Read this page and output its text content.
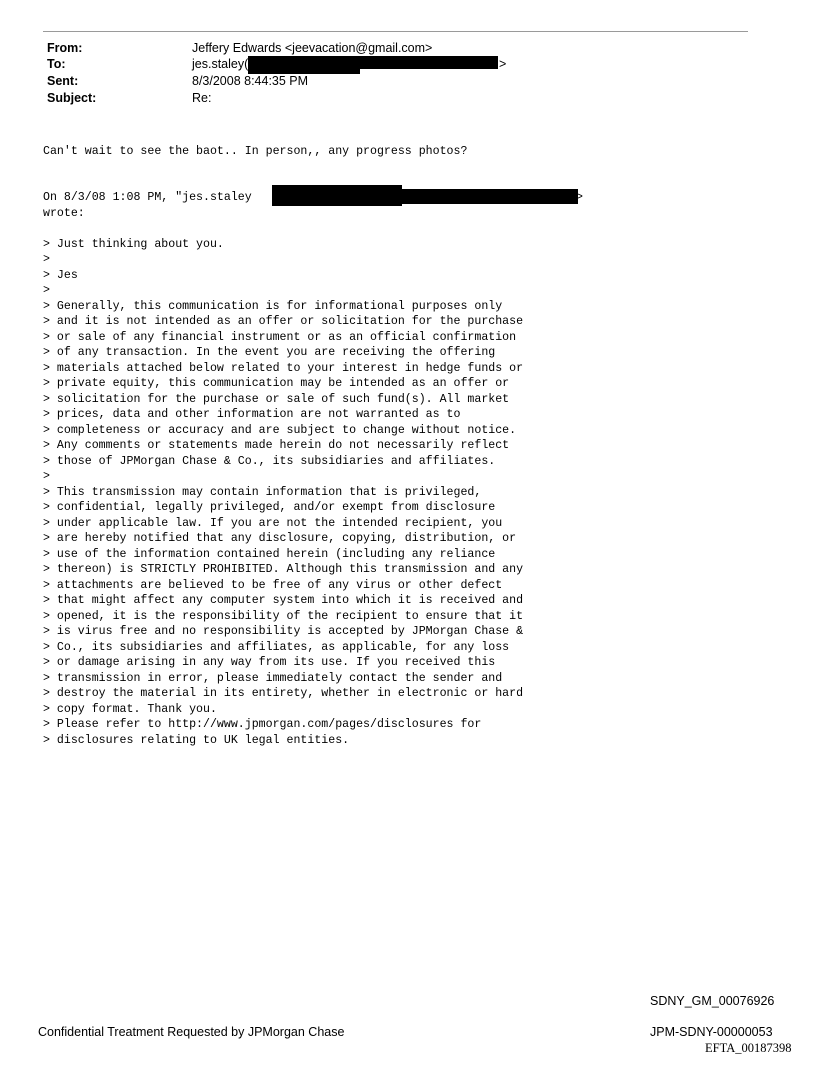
From:	Jeffery Edwards <jeevacation@gmail.com>
To:	jes.staley(	>
Sent:	8/3/2008 8:44:35 PM
Subject:	Re:
Can't wait to see the baot.. In person,, any progress photos?
On 8/3/08 1:08 PM, "jes.staley	>
wrote:
> Just thinking about you.
>
> Jes
>
> Generally, this communication is for informational purposes only
> and it is not intended as an offer or solicitation for the purchase
> or sale of any financial instrument or as an official confirmation
> of any transaction. In the event you are receiving the offering
> materials attached below related to your interest in hedge funds or
> private equity, this communication may be intended as an offer or
> solicitation for the purchase or sale of such fund(s). All market
> prices, data and other information are not warranted as to
> completeness or accuracy and are subject to change without notice.
> Any comments or statements made herein do not necessarily reflect
> those of JPMorgan Chase & Co., its subsidiaries and affiliates.
>
> This transmission may contain information that is privileged,
> confidential, legally privileged, and/or exempt from disclosure
> under applicable law. If you are not the intended recipient, you
> are hereby notified that any disclosure, copying, distribution, or
> use of the information contained herein (including any reliance
> thereon) is STRICTLY PROHIBITED. Although this transmission and any
> attachments are believed to be free of any virus or other defect
> that might affect any computer system into which it is received and
> opened, it is the responsibility of the recipient to ensure that it
> is virus free and no responsibility is accepted by JPMorgan Chase &
> Co., its subsidiaries and affiliates, as applicable, for any loss
> or damage arising in any way from its use. If you received this
> transmission in error, please immediately contact the sender and
> destroy the material in its entirety, whether in electronic or hard
> copy format. Thank you.
> Please refer to http://www.jpmorgan.com/pages/disclosures for
> disclosures relating to UK legal entities.
SDNY_GM_00076926
Confidential Treatment Requested by JPMorgan Chase	JPM-SDNY-00000053
EFTA_00187398
